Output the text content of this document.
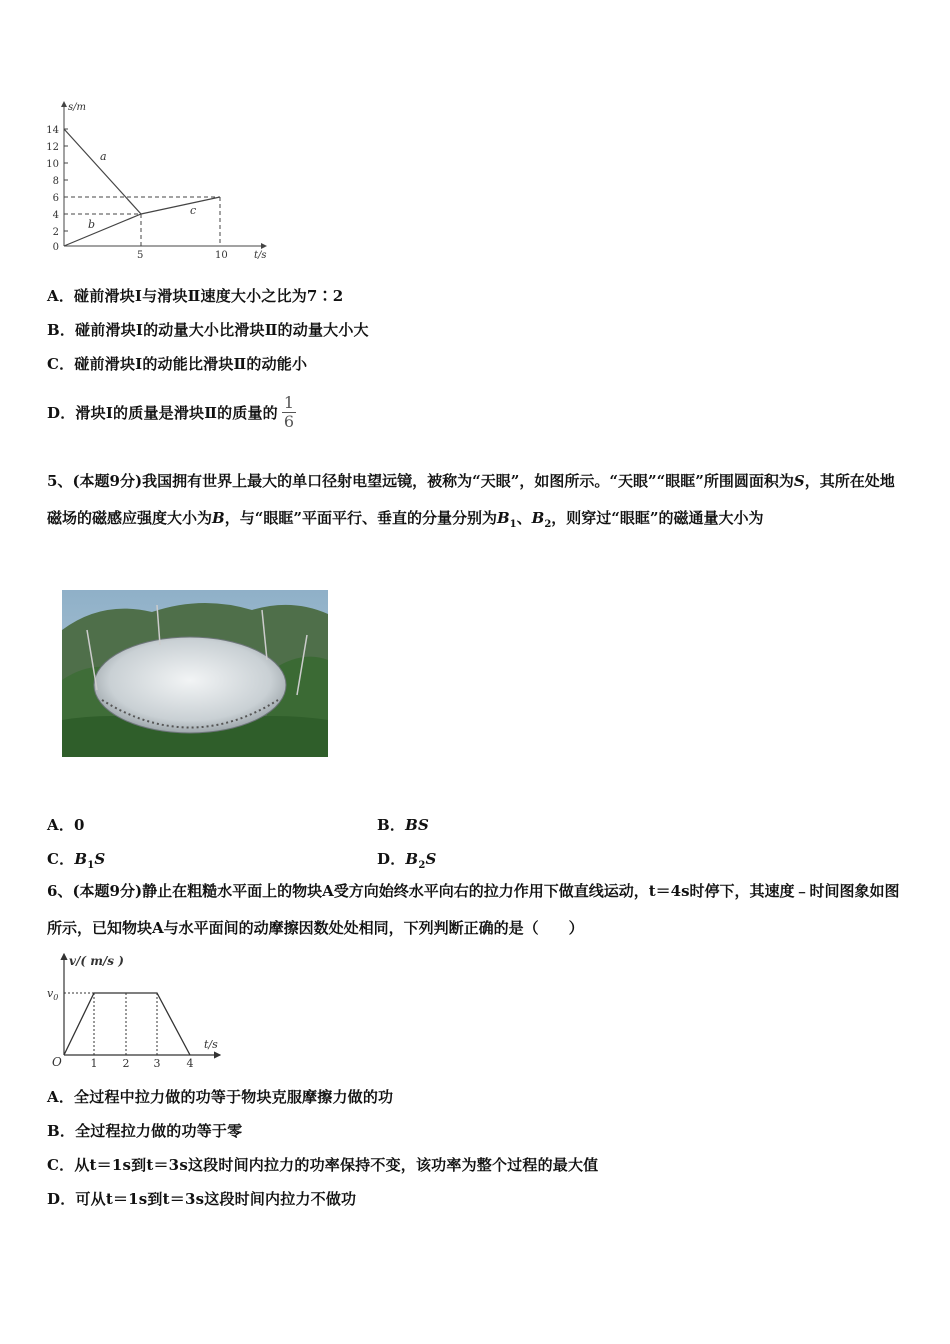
s/m
t/s
14
12
10
8
6
4
2
0
5	10
a
b
c
A．碰前滑块Ⅰ与滑块Ⅱ速度大小之比为7∶2
B．碰前滑块Ⅰ的动量大小比滑块Ⅱ的动量大小大
C．碰前滑块Ⅰ的动能比滑块Ⅱ的动能小
D．滑块Ⅰ的质量是滑块Ⅱ的质量的 $\frac{1}{6}$
5、(本题9分)我国拥有世界上最大的单口径射电望远镜，被称为“天眼”，如图所示。“天眼”“眼眶”所围圆面积为S，其所在处地磁场的磁感应强度大小为B，与“眼眶”平面平行、垂直的分量分别为$B_1$、$B_2$，则穿过“眼眶”的磁通量大小为
A．0	B．BS
C．$B_1S$	D．$B_2S$
6、(本题9分)静止在粗糙水平面上的物块A受方向始终水平向右的拉力作用下做直线运动，t＝4s时停下，其速度﹣时间图象如图所示，已知物块A与水平面间的动摩擦因数处处相同，下列判断正确的是（　　）
v/( m/s )
$v_0$
O
t/s
1 2 3 4
A．全过程中拉力做的功等于物块克服摩擦力做的功
B．全过程拉力做的功等于零
C．从t＝1s到t＝3s这段时间内拉力的功率保持不变，该功率为整个过程的最大值
D．可从t＝1s到t＝3s这段时间内拉力不做功
